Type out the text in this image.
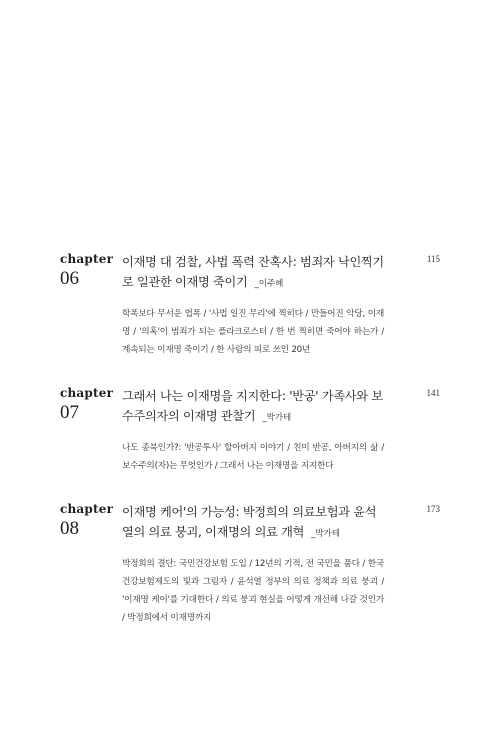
chapter
06
이재명 대 검찰, 사법 폭력 잔혹사: 범죄자 낙인찍기로 일관한 이재명 죽이기 _이주혜
학폭보다 무서운 법폭 / '사법 일진 무리'에 찍히다 / 만들어진 악당, 이재명 / '의혹'이 범죄가 되는 플라크로스터 / 한 번 찍히면 죽어야 하는가 / 계속되는 이재명 죽이기 / 한 사람의 피로 쓰인 20년
115
chapter
07
그래서 나는 이재명을 지지한다: '반공' 가족사와 보수주의자의 이재명 관찰기 _박가테
나도 종북인가?: '반공투사' 할아버지 이야기 / 친미 반공, 아버지의 삶 / 보수주의(자)는 무엇인가 / 그래서 나는 이재명을 지지한다
141
chapter
08
이재명 케어'의 가능성: 박정희의 의료보험과 윤석열의 의료 붕괴, 이재명의 의료 개혁 _박가테
박정희의 결단: 국민건강보험 도입 / 12년의 기적, 전 국민을 품다 / 한국 건강보험제도의 빛과 그림자 / 윤석열 정부의 의료 정책과 의료 붕괴 / '이재명 케어'를 기대한다 / 의료 붕괴 현실을 어떻게 개선해 나갈 것인가 / 박정희에서 이재명까지
173
